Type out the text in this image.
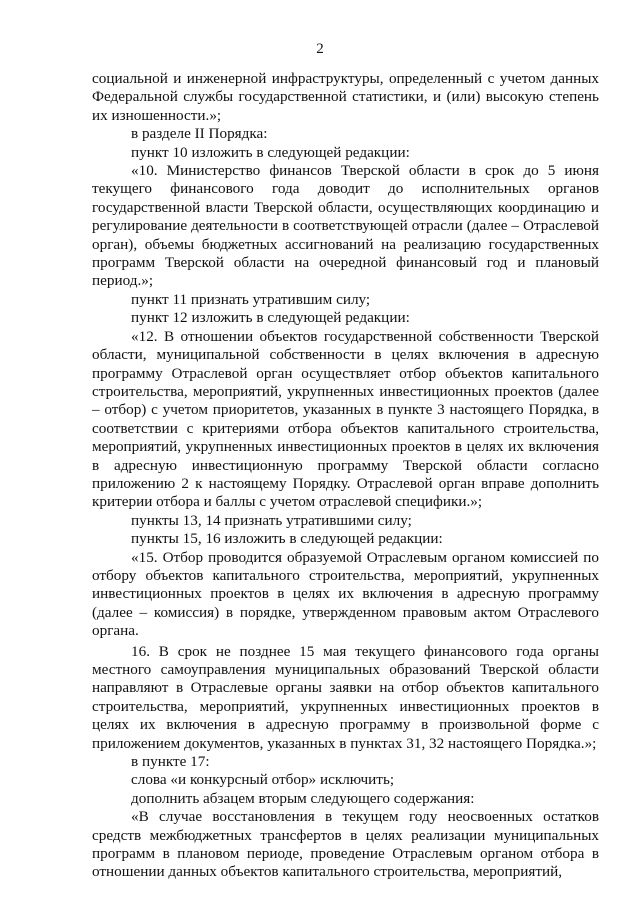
2

социальной и инженерной инфраструктуры, определенный с учетом данных Федеральной службы государственной статистики, и (или) высокую степень их изношенности.»;

в разделе II Порядка:

пункт 10 изложить в следующей редакции:

«10. Министерство финансов Тверской области в срок до 5 июня текущего финансового года доводит до исполнительных органов государственной власти Тверской области, осуществляющих координацию и регулирование деятельности в соответствующей отрасли (далее – Отраслевой орган), объемы бюджетных ассигнований на реализацию государственных программ Тверской области на очередной финансовый год и плановый период.»;

пункт 11 признать утратившим силу;

пункт 12 изложить в следующей редакции:

«12. В отношении объектов государственной собственности Тверской области, муниципальной собственности в целях включения в адресную программу Отраслевой орган осуществляет отбор объектов капитального строительства, мероприятий, укрупненных инвестиционных проектов (далее – отбор) с учетом приоритетов, указанных в пункте 3 настоящего Порядка, в соответствии с критериями отбора объектов капитального строительства, мероприятий, укрупненных инвестиционных проектов в целях их включения в адресную инвестиционную программу Тверской области согласно приложению 2 к настоящему Порядку. Отраслевой орган вправе дополнить критерии отбора и баллы с учетом отраслевой специфики.»;

пункты 13, 14 признать утратившими силу;

пункты 15, 16 изложить в следующей редакции:

«15. Отбор проводится образуемой Отраслевым органом комиссией по отбору объектов капитального строительства, мероприятий, укрупненных инвестиционных проектов в целях их включения в адресную программу (далее – комиссия) в порядке, утвержденном правовым актом Отраслевого органа.

16. В срок не позднее 15 мая текущего финансового года органы местного самоуправления муниципальных образований Тверской области направляют в Отраслевые органы заявки на отбор объектов капитального строительства, мероприятий, укрупненных инвестиционных проектов в целях их включения в адресную программу в произвольной форме с приложением документов, указанных в пунктах 31, 32 настоящего Порядка.»;

в пункте 17:

слова «и конкурсный отбор» исключить;

дополнить абзацем вторым следующего содержания:

«В случае восстановления в текущем году неосвоенных остатков средств межбюджетных трансфертов в целях реализации муниципальных программ в плановом периоде, проведение Отраслевым органом отбора в отношении данных объектов капитального строительства, мероприятий,
